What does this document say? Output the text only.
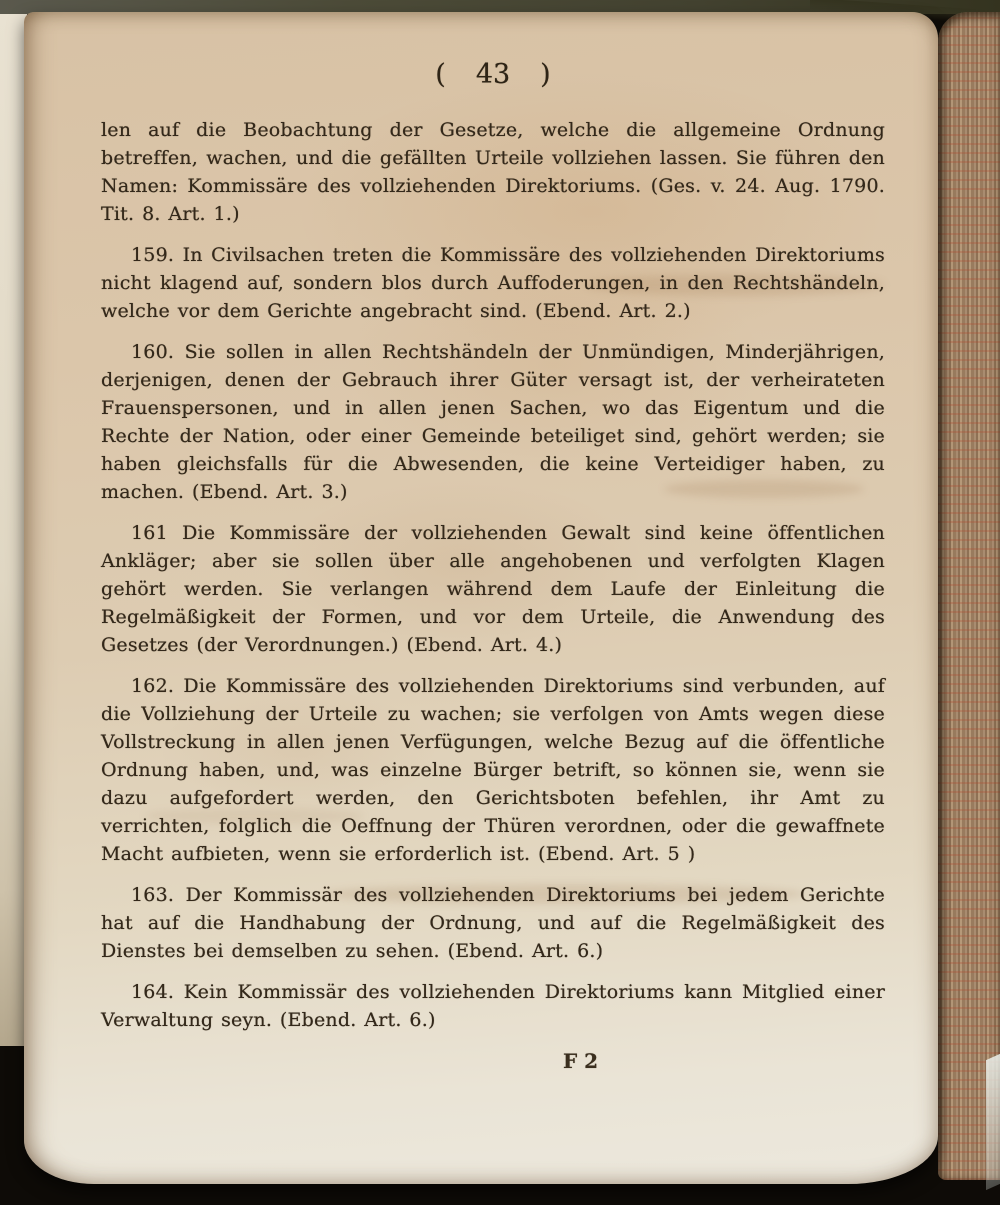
( 43 )

len auf die Beobachtung der Gesetze, welche die allgemeine Ordnung betreffen, wachen, und die gefällten Urteile vollziehen lassen. Sie führen den Namen: Kommissäre des vollziehenden Direktoriums. (Ges. v. 24. Aug. 1790. Tit. 8. Art. 1.)

159. In Civilsachen treten die Kommissäre des vollziehenden Direktoriums nicht klagend auf, sondern blos durch Auffoderungen, in den Rechtshändeln, welche vor dem Gerichte angebracht sind. (Ebend. Art. 2.)

160. Sie sollen in allen Rechtshändeln der Unmündigen, Minderjährigen, derjenigen, denen der Gebrauch ihrer Güter versagt ist, der verheirateten Frauenspersonen, und in allen jenen Sachen, wo das Eigentum und die Rechte der Nation, oder einer Gemeinde beteiliget sind, gehört werden; sie haben gleichsfalls für die Abwesenden, die keine Verteidiger haben, zu machen. (Ebend. Art. 3.)

161 Die Kommissäre der vollziehenden Gewalt sind keine öffentlichen Ankläger; aber sie sollen über alle angehobenen und verfolgten Klagen gehört werden. Sie verlangen während dem Laufe der Einleitung die Regelmäßigkeit der Formen, und vor dem Urteile, die Anwendung des Gesetzes (der Verordnungen.) (Ebend. Art. 4.)

162. Die Kommissäre des vollziehenden Direktoriums sind verbunden, auf die Vollziehung der Urteile zu wachen; sie verfolgen von Amts wegen diese Vollstreckung in allen jenen Verfügungen, welche Bezug auf die öffentliche Ordnung haben, und, was einzelne Bürger betrift, so können sie, wenn sie dazu aufgefordert werden, den Gerichtsboten befehlen, ihr Amt zu verrichten, folglich die Oeffnung der Thüren verordnen, oder die gewaffnete Macht aufbieten, wenn sie erforderlich ist. (Ebend. Art. 5 )

163. Der Kommissär des vollziehenden Direktoriums bei jedem Gerichte hat auf die Handhabung der Ordnung, und auf die Regelmäßigkeit des Dienstes bei demselben zu sehen. (Ebend. Art. 6.)

164. Kein Kommissär des vollziehenden Direktoriums kann Mitglied einer Verwaltung seyn. (Ebend. Art. 6.)

F 2
